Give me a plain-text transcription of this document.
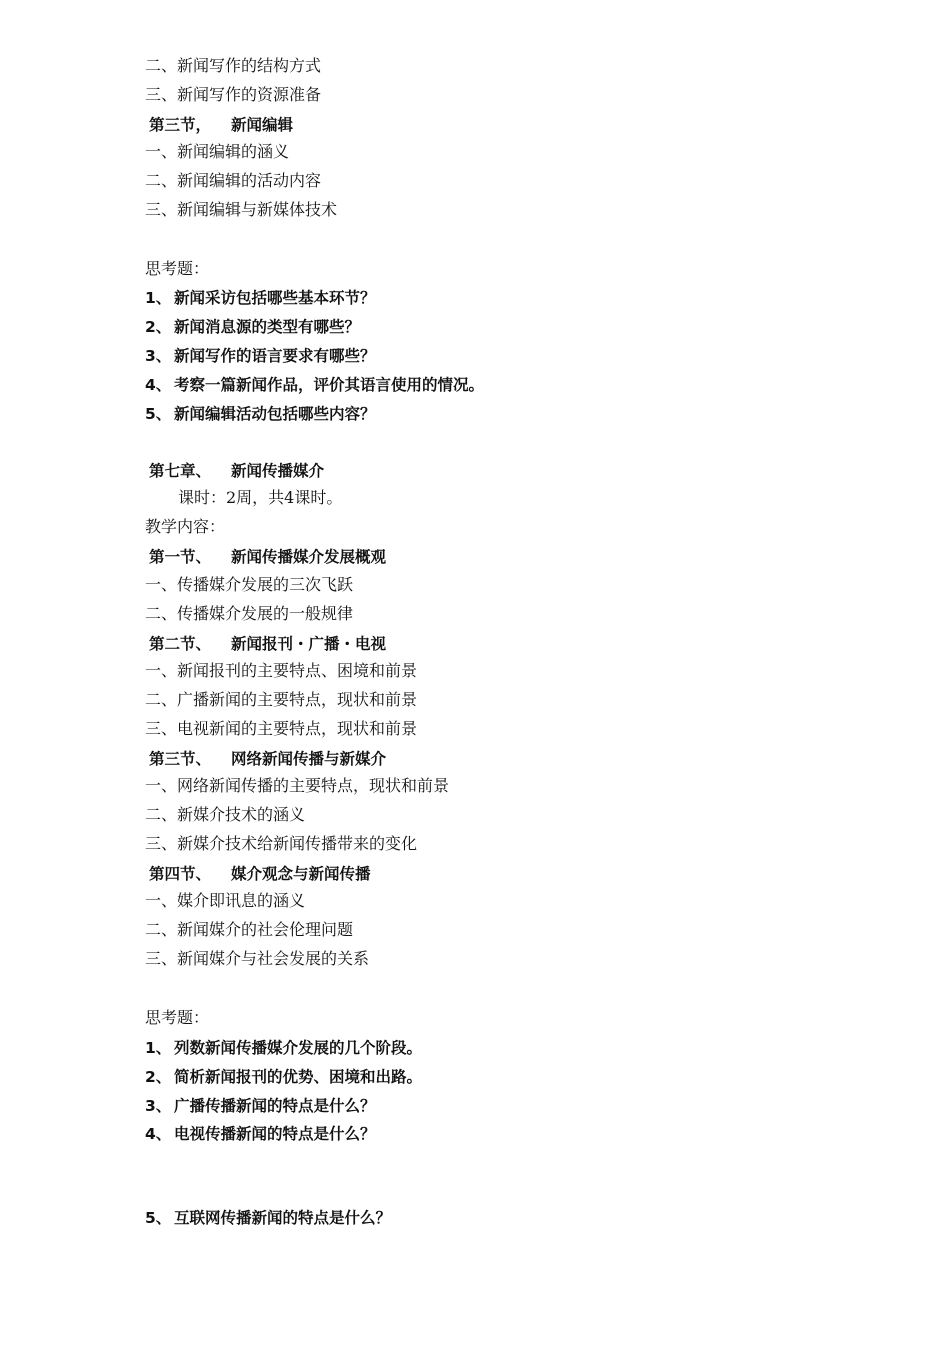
二、新闻写作的结构方式
三、新闻写作的资源准备
第三节， 新闻编辑
一、新闻编辑的涵义
二、新闻编辑的活动内容
三、新闻编辑与新媒体技术
思考题：
1、 新闻采访包括哪些基本环节？
2、 新闻消息源的类型有哪些？
3、 新闻写作的语言要求有哪些？
4、 考察一篇新闻作品，评价其语言使用的情况。
5、 新闻编辑活动包括哪些内容？
第七章、 新闻传播媒介
课时：2周，共4课时。
教学内容：
第一节、 新闻传播媒介发展概观
一、传播媒介发展的三次飞跃
二、传播媒介发展的一般规律
第二节、 新闻报刊・广播・电视
一、新闻报刊的主要特点、困境和前景
二、广播新闻的主要特点，现状和前景
三、电视新闻的主要特点，现状和前景
第三节、 网络新闻传播与新媒介
一、网络新闻传播的主要特点，现状和前景
二、新媒介技术的涵义
三、新媒介技术给新闻传播带来的变化
第四节、 媒介观念与新闻传播
一、媒介即讯息的涵义
二、新闻媒介的社会伦理问题
三、新闻媒介与社会发展的关系
思考题：
1、 列数新闻传播媒介发展的几个阶段。
2、 简析新闻报刊的优势、困境和出路。
3、 广播传播新闻的特点是什么？
4、 电视传播新闻的特点是什么？
5、 互联网传播新闻的特点是什么？
